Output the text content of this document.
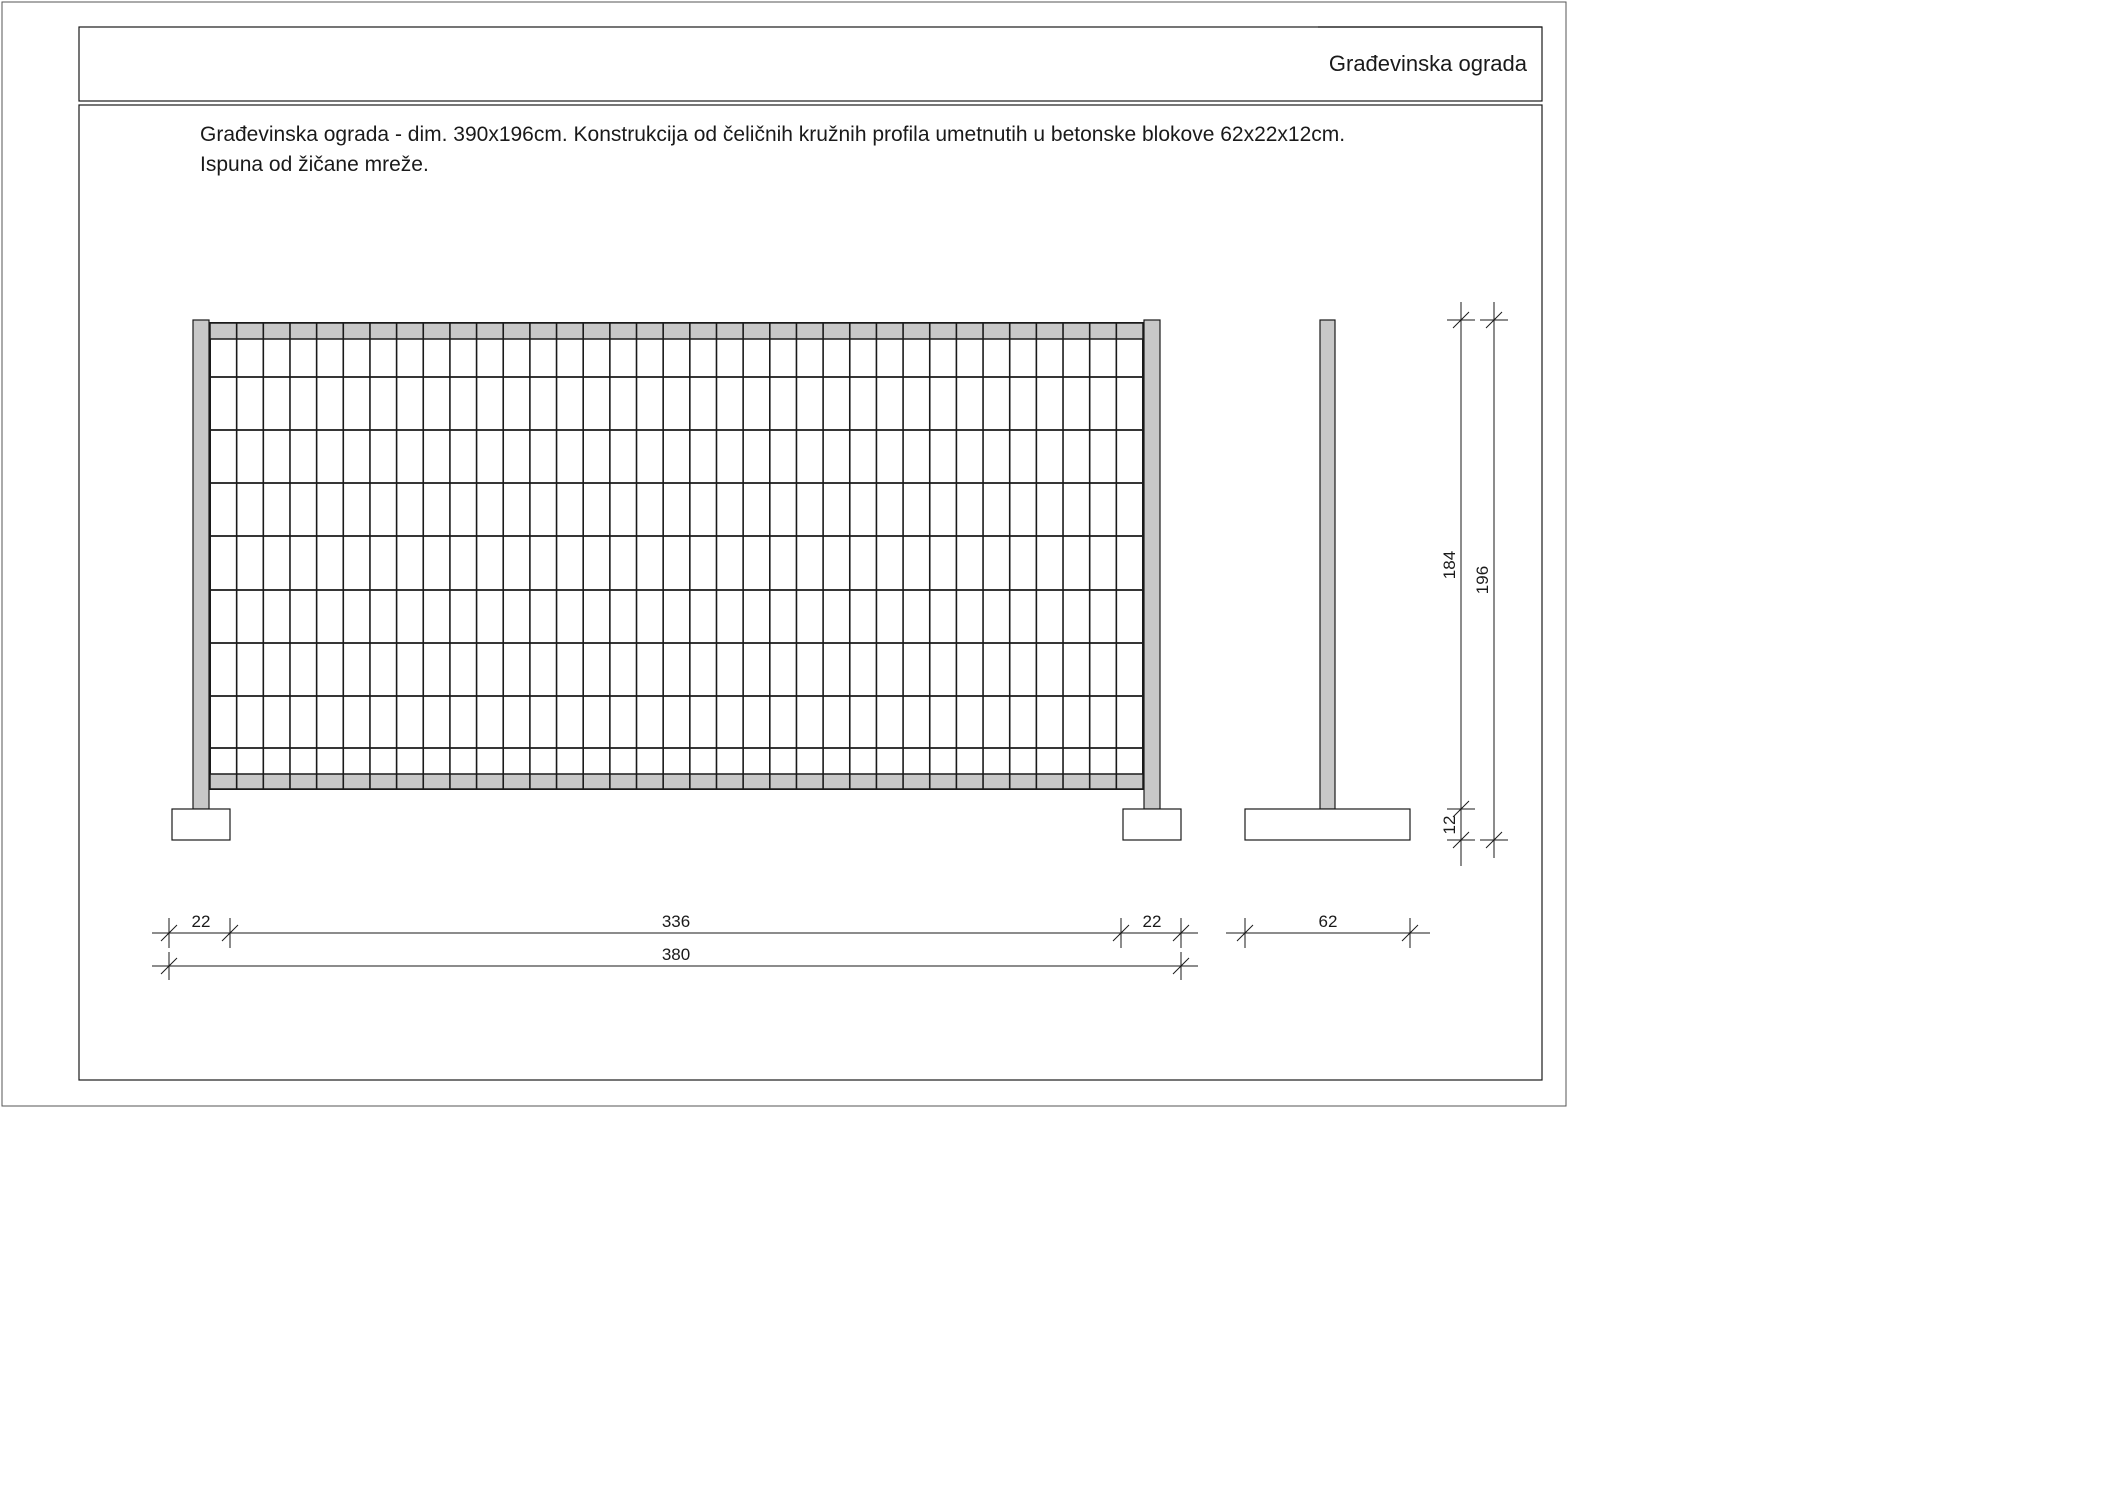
Građevinska ograda
Građevinska ograda - dim. 390x196cm. Konstrukcija od čeličnih kružnih profila umetnutih u betonske blokove 62x22x12cm.
Ispuna od žičane mreže.
22	336	22
380
62
184
12
196
